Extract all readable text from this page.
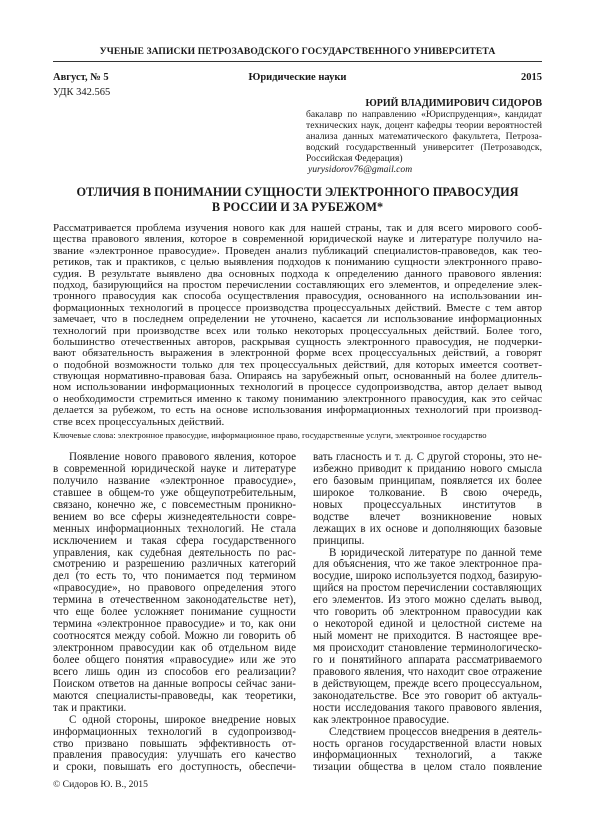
УЧЕНЫЕ ЗАПИСКИ ПЕТРОЗАВОДСКОГО ГОСУДАРСТВЕННОГО УНИВЕРСИТЕТА
Август, № 5	Юридические науки	2015
УДК 342.565
ЮРИЙ ВЛАДИМИРОВИЧ СИДОРОВ
бакалавр по направлению «Юриспруденция», кандидат
технических наук, доцент кафедры теории вероятностей
анализа данных математического факультета, Петроза-
водский государственный университет (Петрозаводск,
Российская Федерация)
yurysidorov76@gmail.com
ОТЛИЧИЯ В ПОНИМАНИИ СУЩНОСТИ ЭЛЕКТРОННОГО ПРАВОСУДИЯ
В РОССИИ И ЗА РУБЕЖОМ*
Рассматривается проблема изучения нового как для нашей страны, так и для всего мирового сооб-
щества правового явления, которое в современной юридической науке и литературе получило на-
звание «электронное правосудие». Проведен анализ публикаций специалистов-правоведов, как тео-
ретиков, так и практиков, с целью выявления подходов к пониманию сущности электронного право-
судия. В результате выявлено два основных подхода к определению данного правового явления:
подход, базирующийся на простом перечислении составляющих его элементов, и определение элек-
тронного правосудия как способа осуществления правосудия, основанного на использовании ин-
формационных технологий в процессе производства процессуальных действий. Вместе с тем автор
замечает, что в последнем определении не уточнено, касается ли использование информационных
технологий при производстве всех или только некоторых процессуальных действий. Более того,
большинство отечественных авторов, раскрывая сущность электронного правосудия, не подчерки-
вают обязательность выражения в электронной форме всех процессуальных действий, а говорят
о подобной возможности только для тех процессуальных действий, для которых имеется соответ-
ствующая нормативно-правовая база. Опираясь на зарубежный опыт, основанный на более длитель-
ном использовании информационных технологий в процессе судопроизводства, автор делает вывод
о необходимости стремиться именно к такому пониманию электронного правосудия, как это сейчас
делается за рубежом, то есть на основе использования информационных технологий при производ-
стве всех процессуальных действий.
Ключевые слова: электронное правосудие, информационное право, государственные услуги, электронное государство
Появление нового правового явления, которое
в современной юридической науке и литературе
получило название «электронное правосудие»,
ставшее в общем-то уже общеупотребительным,
связано, конечно же, с повсеместным проникно-
вением во все сферы жизнедеятельности совре-
менных информационных технологий. Не стала
исключением и такая сфера государственного
управления, как судебная деятельность по рас-
смотрению и разрешению различных категорий
дел (то есть то, что понимается под термином
«правосудие», но правового определения этого
термина в отечественном законодательстве нет),
что еще более усложняет понимание сущности
термина «электронное правосудие» и то, как они
соотносятся между собой. Можно ли говорить об
электронном правосудии как об отдельном виде
более общего понятия «правосудие» или же это
всего лишь один из способов его реализации?
Поиском ответов на данные вопросы сейчас зани-
маются специалисты-правоведы, как теоретики,
так и практики.
С одной стороны, широкое внедрение новых
информационных технологий в судопроизвод-
ство призвано повышать эффективность от-
правления правосудия: улучшать его качество
и сроки, повышать его доступность, обеспечи-
вать гласность и т. д. С другой стороны, это не-
избежно приводит к приданию нового смысла
его базовым принципам, появляется их более
широкое толкование. В свою очередь,
новых процессуальных институтов в
водстве влечет возникновение новых
лежащих в их основе и дополняющих базовые
принципы.
В юридической литературе по данной теме
для объяснения, что же такое электронное пра-
восудие, широко используется подход, базирую-
щийся на простом перечислении составляющих
его элементов. Из этого можно сделать вывод,
что говорить об электронном правосудии как
о некоторой единой и целостной системе на
ный момент не приходится. В настоящее вре-
мя происходит становление терминологическо-
го и понятийного аппарата рассматриваемого
правового явления, что находит свое отражение
в действующем, прежде всего процессуальном,
законодательстве. Все это говорит об актуаль-
ности исследования такого правового явления,
как электронное правосудие.
Следствием процессов внедрения в деятель-
ность органов государственной власти новых
информационных технологий, а также
тизации общества в целом стало появление
© Сидоров Ю. В., 2015
